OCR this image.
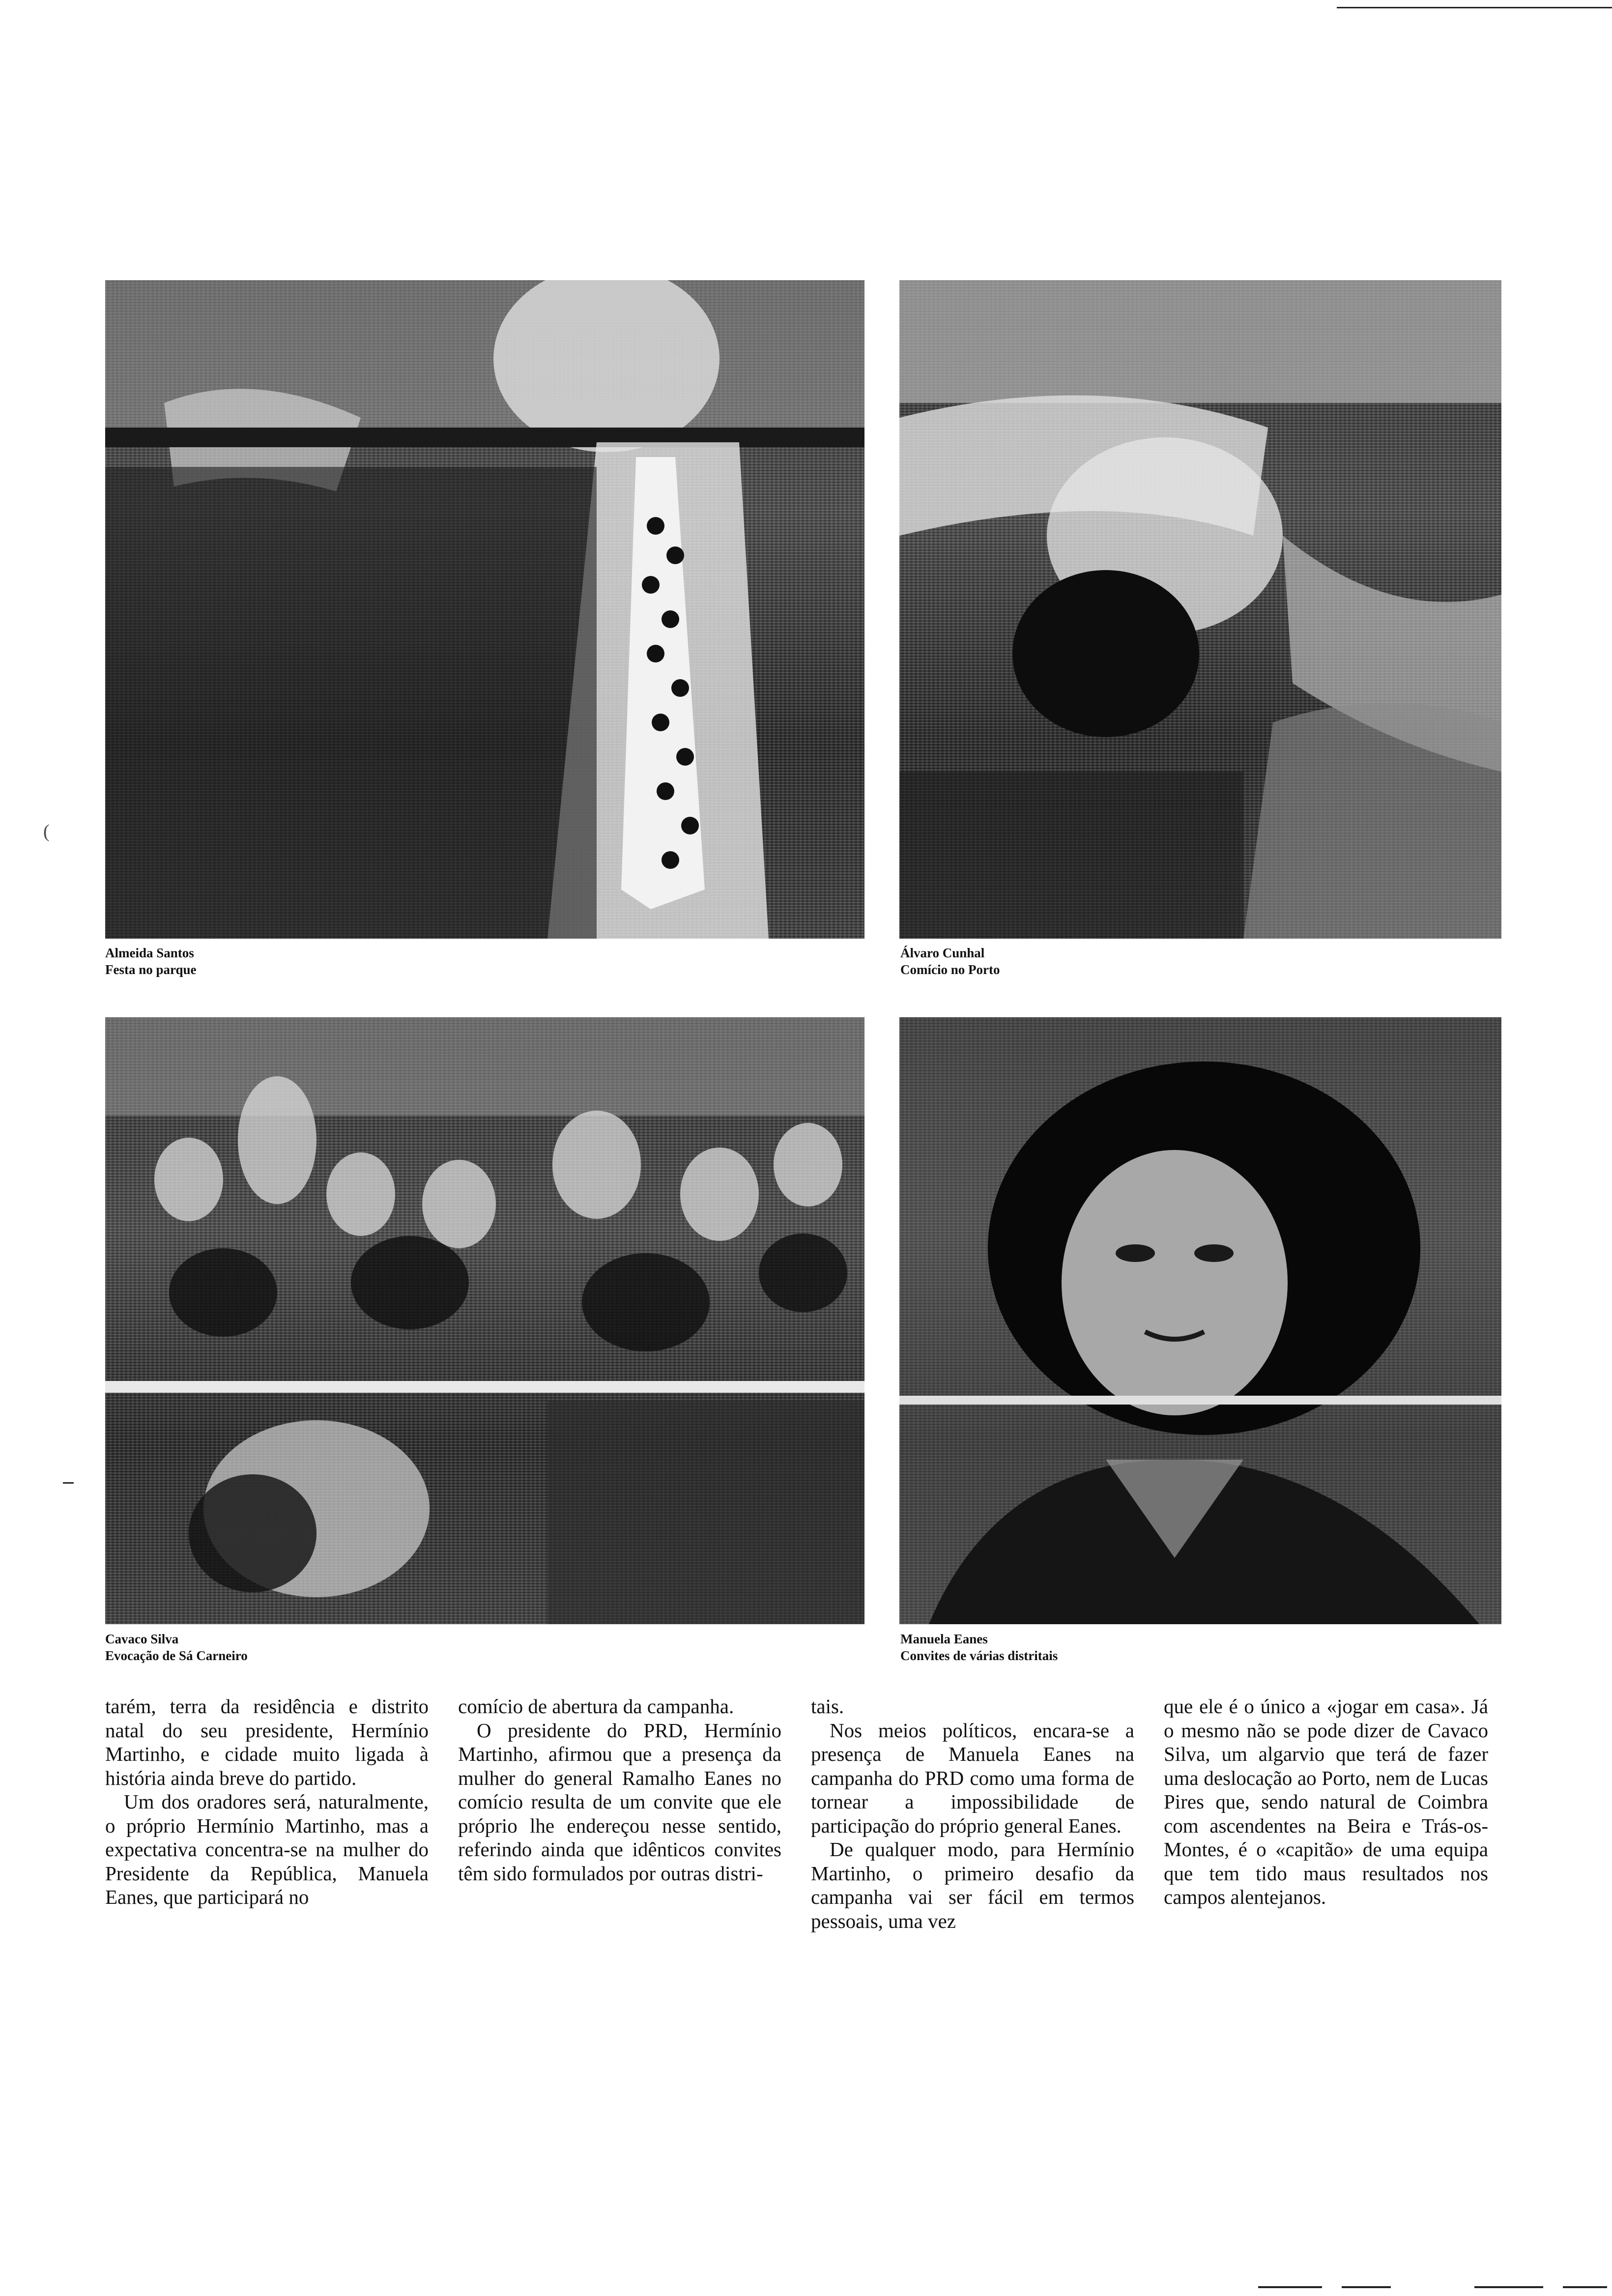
Almeida Santos
Festa no parque
Álvaro Cunhal
Comício no Porto
Cavaco Silva
Evocação de Sá Carneiro
Manuela Eanes
Convites de várias distritais

tarém, terra da residência e distrito natal do seu presidente, Hermínio Martinho, e cidade muito ligada à história ainda breve do partido.

Um dos oradores será, naturalmente, o próprio Hermínio Martinho, mas a expectativa concentra-se na mulher do Presidente da República, Manuela Eanes, que participará no

comício de abertura da campanha.

O presidente do PRD, Hermínio Martinho, afirmou que a presença da mulher do general Ramalho Eanes no comício resulta de um convite que ele próprio lhe endereçou nesse sentido, referindo ainda que idênticos convites têm sido formulados por outras distri-

tais.

Nos meios políticos, encara-se a presença de Manuela Eanes na campanha do PRD como uma forma de tornear a impossibilidade de participação do próprio general Eanes.

De qualquer modo, para Hermínio Martinho, o primeiro desafio da campanha vai ser fácil em termos pessoais, uma vez

que ele é o único a «jogar em casa». Já o mesmo não se pode dizer de Cavaco Silva, um algarvio que terá de fazer uma deslocação ao Porto, nem de Lucas Pires que, sendo natural de Coimbra com ascendentes na Beira e Trás-os-Montes, é o «capitão» de uma equipa que tem tido maus resultados nos campos alentejanos.

(
